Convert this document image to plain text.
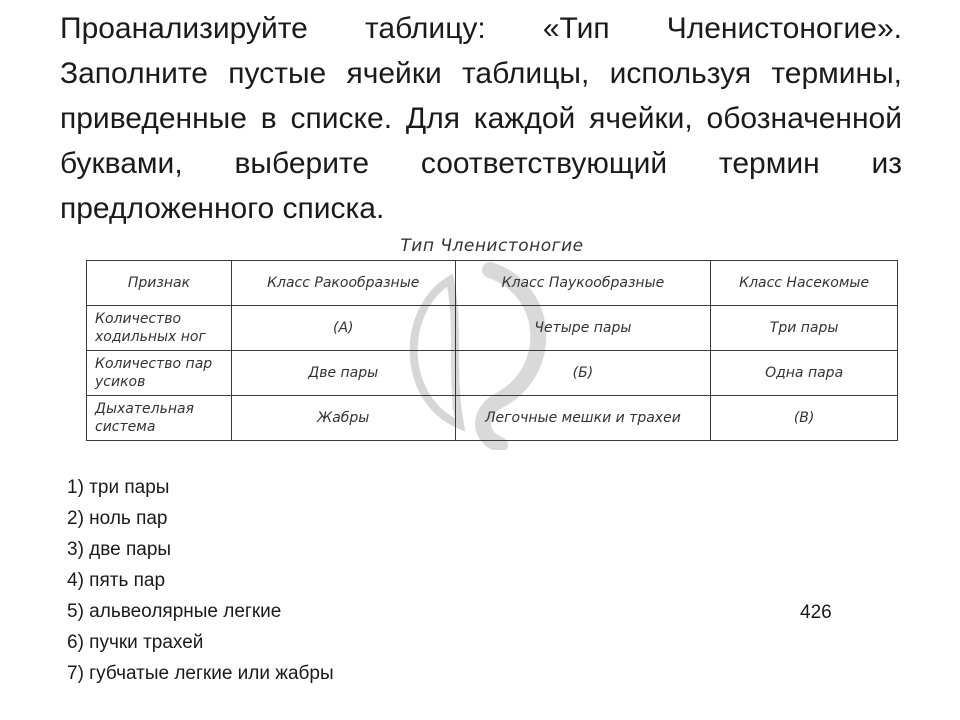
Проанализируйте таблицу: «Тип Членистоногие». Заполните пустые ячейки таблицы, используя термины, приведенные в списке. Для каждой ячейки, обозначенной буквами, выберите соответствующий термин из предложенного списка.

Тип Членистоногие
Признак	Класс Ракообразные	Класс Паукообразные	Класс Насекомые
Количество ходильных ног	(А)	Четыре пары	Три пары
Количество пар усиков	Две пары	(Б)	Одна пара
Дыхательная система	Жабры	Легочные мешки и трахеи	(В)
1) три пары
2) ноль пар
3) две пары
4) пять пар
5) альвеолярные легкие
6) пучки трахей
7) губчатые легкие или жабры
426
